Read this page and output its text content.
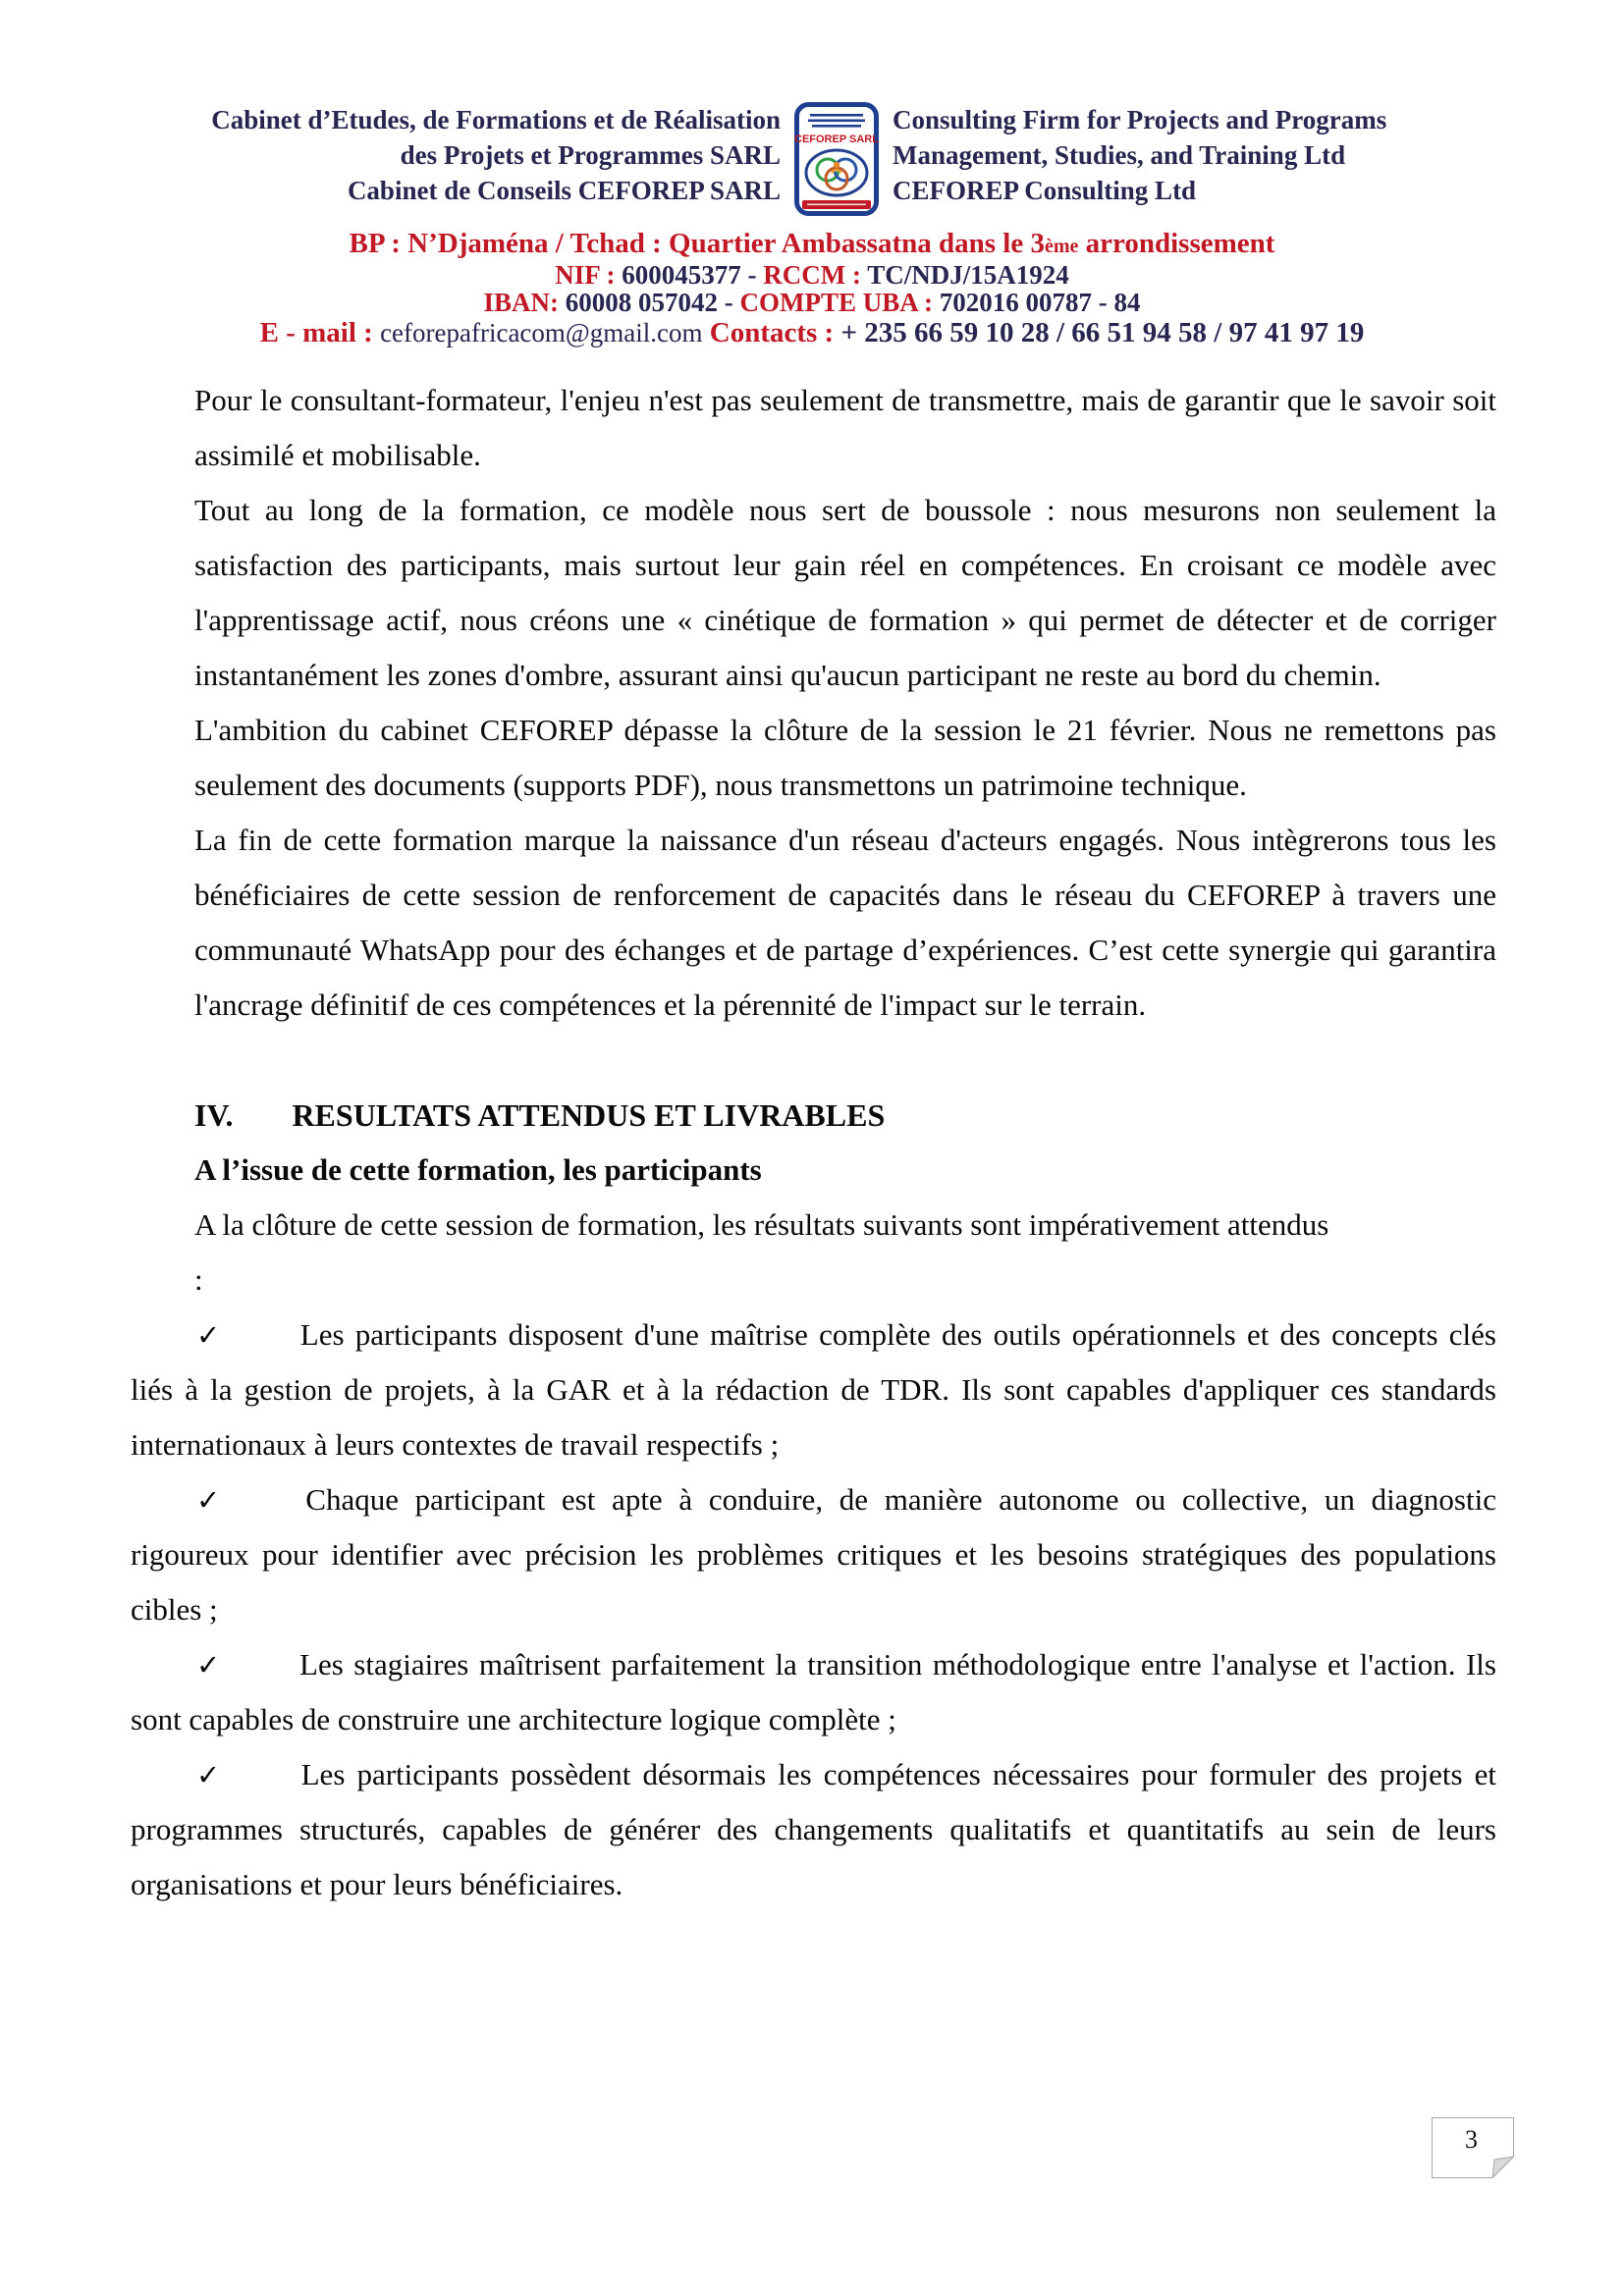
Cabinet d’Etudes, de Formations et de Réalisation
des Projets et Programmes SARL
Cabinet de Conseils CEFOREP SARL
CEFOREP SARL
Consulting Firm for Projects and Programs
Management, Studies, and Training Ltd
CEFOREP Consulting Ltd
BP : N’Djaména / Tchad : Quartier Ambassatna dans le 3ème arrondissement
NIF : 600045377 - RCCM : TC/NDJ/15A1924
IBAN: 60008 057042 - COMPTE UBA : 702016 00787 - 84
E - mail : ceforepafricacom@gmail.com Contacts : + 235 66 59 10 28 / 66 51 94 58 / 97 41 97 19

Pour le consultant-formateur, l'enjeu n'est pas seulement de transmettre, mais de garantir que le savoir soit assimilé et mobilisable.

Tout au long de la formation, ce modèle nous sert de boussole : nous mesurons non seulement la satisfaction des participants, mais surtout leur gain réel en compétences. En croisant ce modèle avec l'apprentissage actif, nous créons une « cinétique de formation » qui permet de détecter et de corriger instantanément les zones d'ombre, assurant ainsi qu'aucun participant ne reste au bord du chemin.

L'ambition du cabinet CEFOREP dépasse la clôture de la session le 21 février. Nous ne remettons pas seulement des documents (supports PDF), nous transmettons un patrimoine technique.

La fin de cette formation marque la naissance d'un réseau d'acteurs engagés. Nous intègrerons tous les bénéficiaires de cette session de renforcement de capacités dans le réseau du CEFOREP à travers une communauté WhatsApp pour des échanges et de partage d’expériences. C’est cette synergie qui garantira l'ancrage définitif de ces compétences et la pérennité de l'impact sur le terrain.

IV. RESULTATS ATTENDUS ET LIVRABLES

A l’issue de cette formation, les participants

A la clôture de cette session de formation, les résultats suivants sont impérativement attendus

:

✓	Les participants disposent d'une maîtrise complète des outils opérationnels et des concepts clés liés à la gestion de projets, à la GAR et à la rédaction de TDR. Ils sont capables d'appliquer ces standards internationaux à leurs contextes de travail respectifs ;

✓	Chaque participant est apte à conduire, de manière autonome ou collective, un diagnostic rigoureux pour identifier avec précision les problèmes critiques et les besoins stratégiques des populations cibles ;

✓	Les stagiaires maîtrisent parfaitement la transition méthodologique entre l'analyse et l'action. Ils sont capables de construire une architecture logique complète ;

✓	Les participants possèdent désormais les compétences nécessaires pour formuler des projets et programmes structurés, capables de générer des changements qualitatifs et quantitatifs au sein de leurs organisations et pour leurs bénéficiaires.

3
